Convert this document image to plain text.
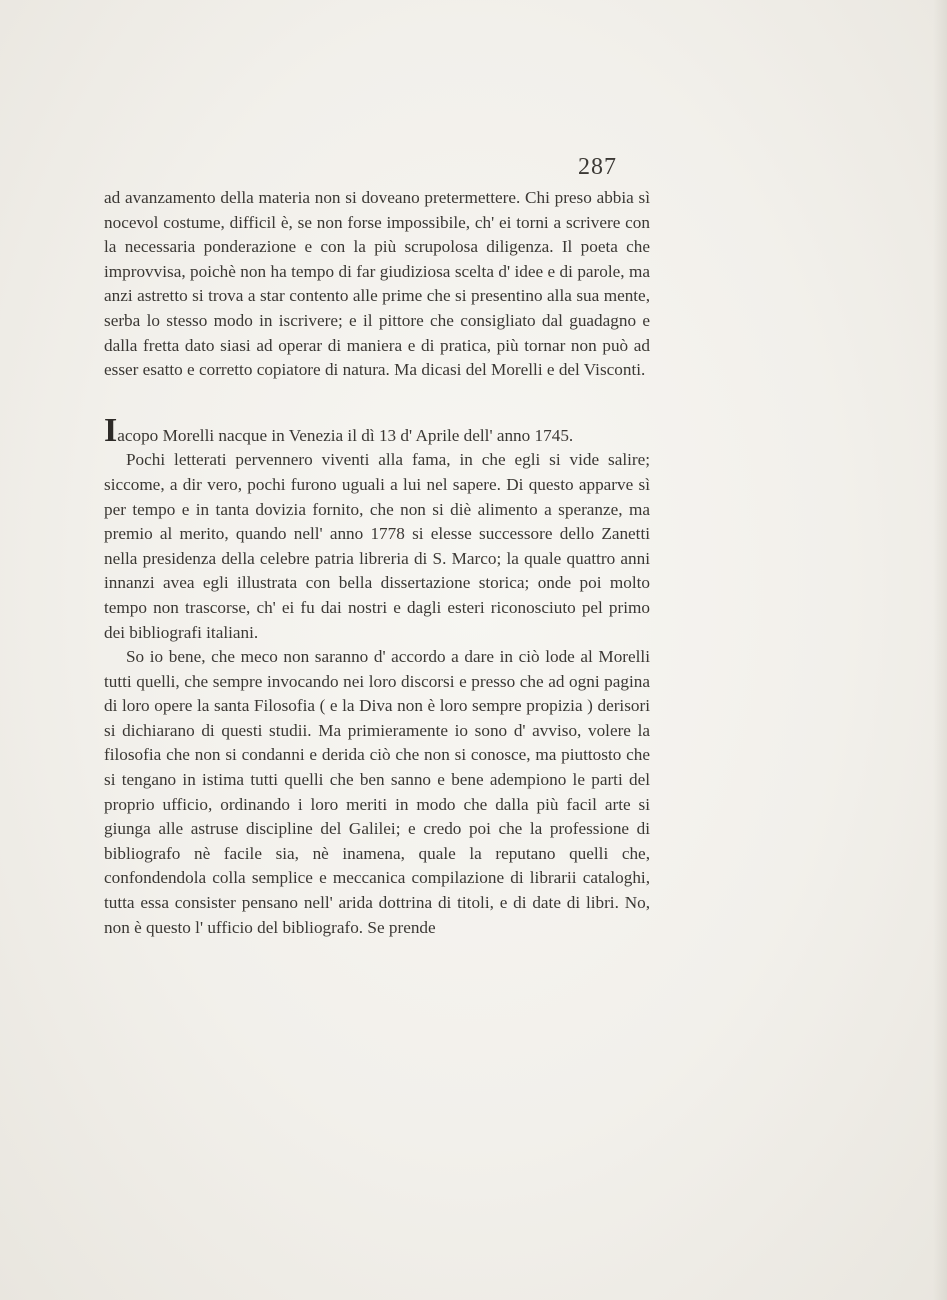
287

ad avanzamento della materia non si doveano pretermettere. Chi preso abbia sì nocevol costume, difficil è, se non forse impossibile, ch' ei torni a scrivere con la necessaria ponderazione e con la più scrupolosa diligenza. Il poeta che improvvisa, poichè non ha tempo di far giudiziosa scelta d' idee e di parole, ma anzi astretto si trova a star contento alle prime che si presentino alla sua mente, serba lo stesso modo in iscrivere; e il pittore che consigliato dal guadagno e dalla fretta dato siasi ad operar di maniera e di pratica, più tornar non può ad esser esatto e corretto copiatore di natura. Ma dicasi del Morelli e del Visconti.

Iacopo Morelli nacque in Venezia il dì 13 d' Aprile dell' anno 1745.

Pochi letterati pervennero viventi alla fama, in che egli si vide salire; siccome, a dir vero, pochi furono uguali a lui nel sapere. Di questo apparve sì per tempo e in tanta dovizia fornito, che non si diè alimento a speranze, ma premio al merito, quando nell' anno 1778 si elesse successore dello Zanetti nella presidenza della celebre patria libreria di S. Marco; la quale quattro anni innanzi avea egli illustrata con bella dissertazione storica; onde poi molto tempo non trascorse, ch' ei fu dai nostri e dagli esteri riconosciuto pel primo dei bibliografi italiani.

So io bene, che meco non saranno d' accordo a dare in ciò lode al Morelli tutti quelli, che sempre invocando nei loro discorsi e presso che ad ogni pagina di loro opere la santa Filosofia ( e la Diva non è loro sempre propizia ) derisori si dichiarano di questi studii. Ma primieramente io sono d' avviso, volere la filosofia che non si condanni e derida ciò che non si conosce, ma piuttosto che si tengano in istima tutti quelli che ben sanno e bene adempiono le parti del proprio ufficio, ordinando i loro meriti in modo che dalla più facil arte si giunga alle astruse discipline del Galilei; e credo poi che la professione di bibliografo nè facile sia, nè inamena, quale la reputano quelli che, confondendola colla semplice e meccanica compilazione di librarii cataloghi, tutta essa consister pensano nell' arida dottrina di titoli, e di date di libri. No, non è questo l' ufficio del bibliografo. Se prende
